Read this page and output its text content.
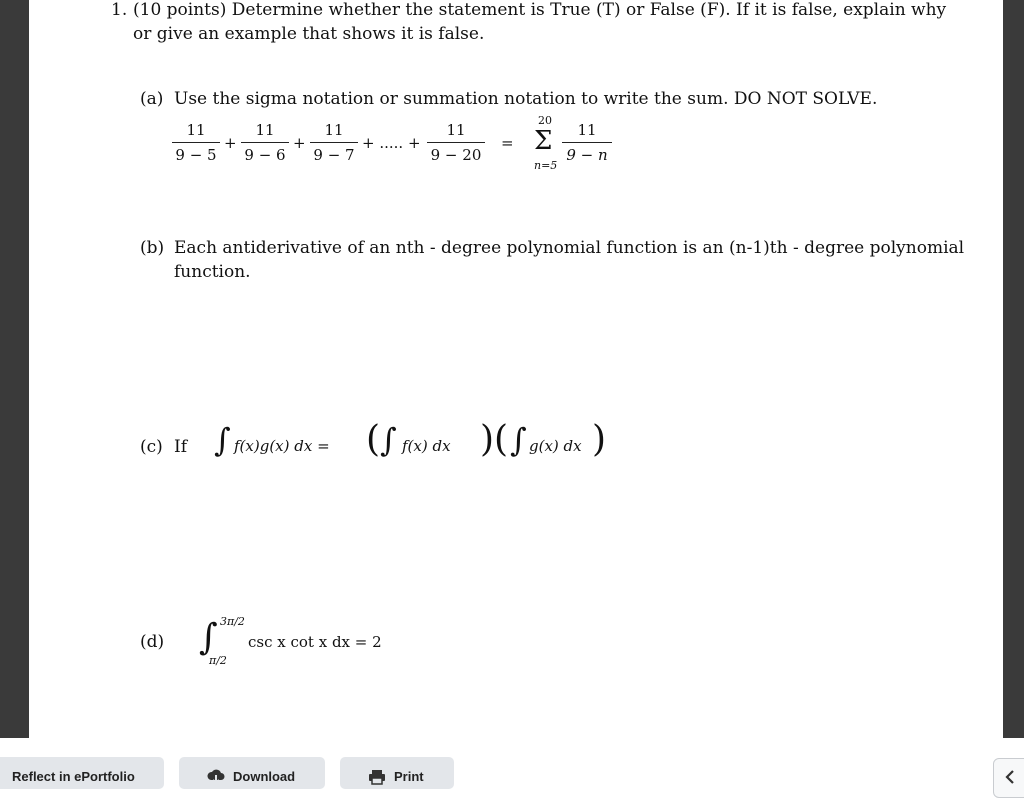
1. (10 points) Determine whether the statement is True (T) or False (F). If it is false, explain why
or give an example that shows it is false.
(a) Use the sigma notation or summation notation to write the sum. DO NOT SOLVE.
11
9 − 5
+
11
9 − 6
+
11
9 − 7
+ ..... +
11
9 − 20
=
20
Σ
n=5
11
9 − n
(b) Each antiderivative of an nth - degree polynomial function is an (n-1)th - degree polynomial
function.
(c) If ∫ f(x)g(x) dx = ( ∫ f(x) dx ) ( ∫ g(x) dx )
(d) ∫ 3π/2
π/2
csc x cot x dx = 2
Reflect in ePortfolio	Download	Print
